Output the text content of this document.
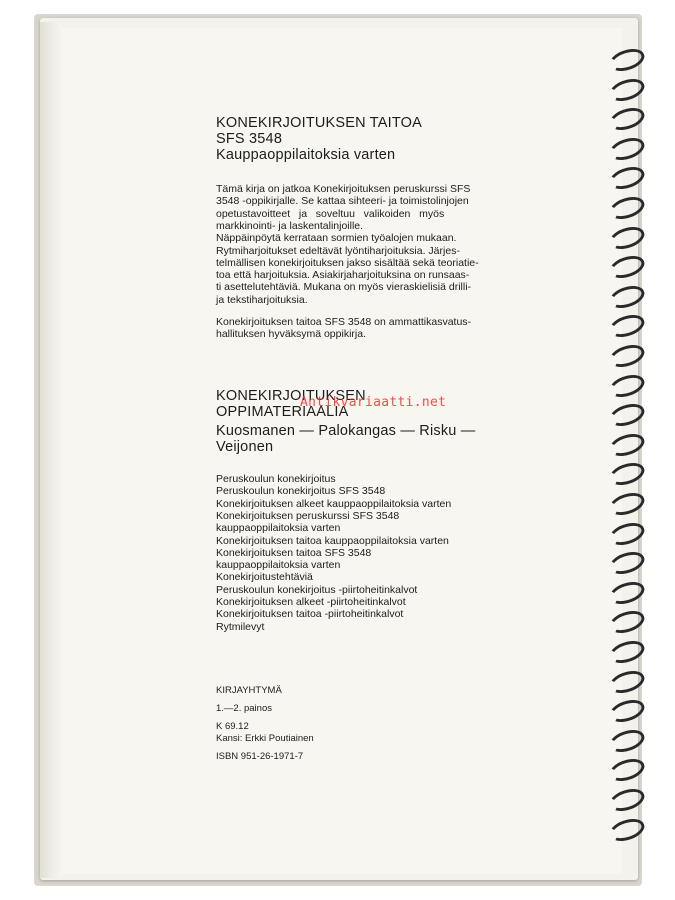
KONEKIRJOITUKSEN TAITOA
SFS 3548
Kauppaoppilaitoksia varten
Tämä kirja on jatkoa Konekirjoituksen peruskurssi SFS
3548 -oppikirjalle. Se kattaa sihteeri- ja toimistolinjojen
opetustavoitteet   ja   soveltuu   valikoiden   myös
markkinointi- ja laskentalinjoille.
Näppäinpöytä kerrataan sormien työalojen mukaan.
Rytmiharjoitukset edeltävät lyöntiharjoituksia. Järjes-
telmällisen konekirjoituksen jakso sisältää sekä teoriatie-
toa että harjoituksia. Asiakirjaharjoituksina on runsaas-
ti asettelutehtäviä. Mukana on myös vieraskielisiä drilli-
ja tekstiharjoituksia.
Konekirjoituksen taitoa SFS 3548 on ammattikasvatus-
hallituksen hyväksymä oppikirja.
KONEKIRJOITUKSEN
OPPIMATERIAALIA
Kuosmanen — Palokangas — Risku —
Veijonen
Peruskoulun konekirjoitus
Peruskoulun konekirjoitus SFS 3548
Konekirjoituksen alkeet kauppaoppilaitoksia varten
Konekirjoituksen peruskurssi SFS 3548
kauppaoppilaitoksia varten
Konekirjoituksen taitoa kauppaoppilaitoksia varten
Konekirjoituksen taitoa SFS 3548
kauppaoppilaitoksia varten
Konekirjoitustehtäviä
Peruskoulun konekirjoitus -piirtoheitinkalvot
Konekirjoituksen alkeet -piirtoheitinkalvot
Konekirjoituksen taitoa -piirtoheitinkalvot
Rytmilevyt
KIRJAYHTYMÄ
1.—2. painos
K 69.12
Kansi: Erkki Poutiainen
ISBN 951-26-1971-7
Antikvariaatti.net
